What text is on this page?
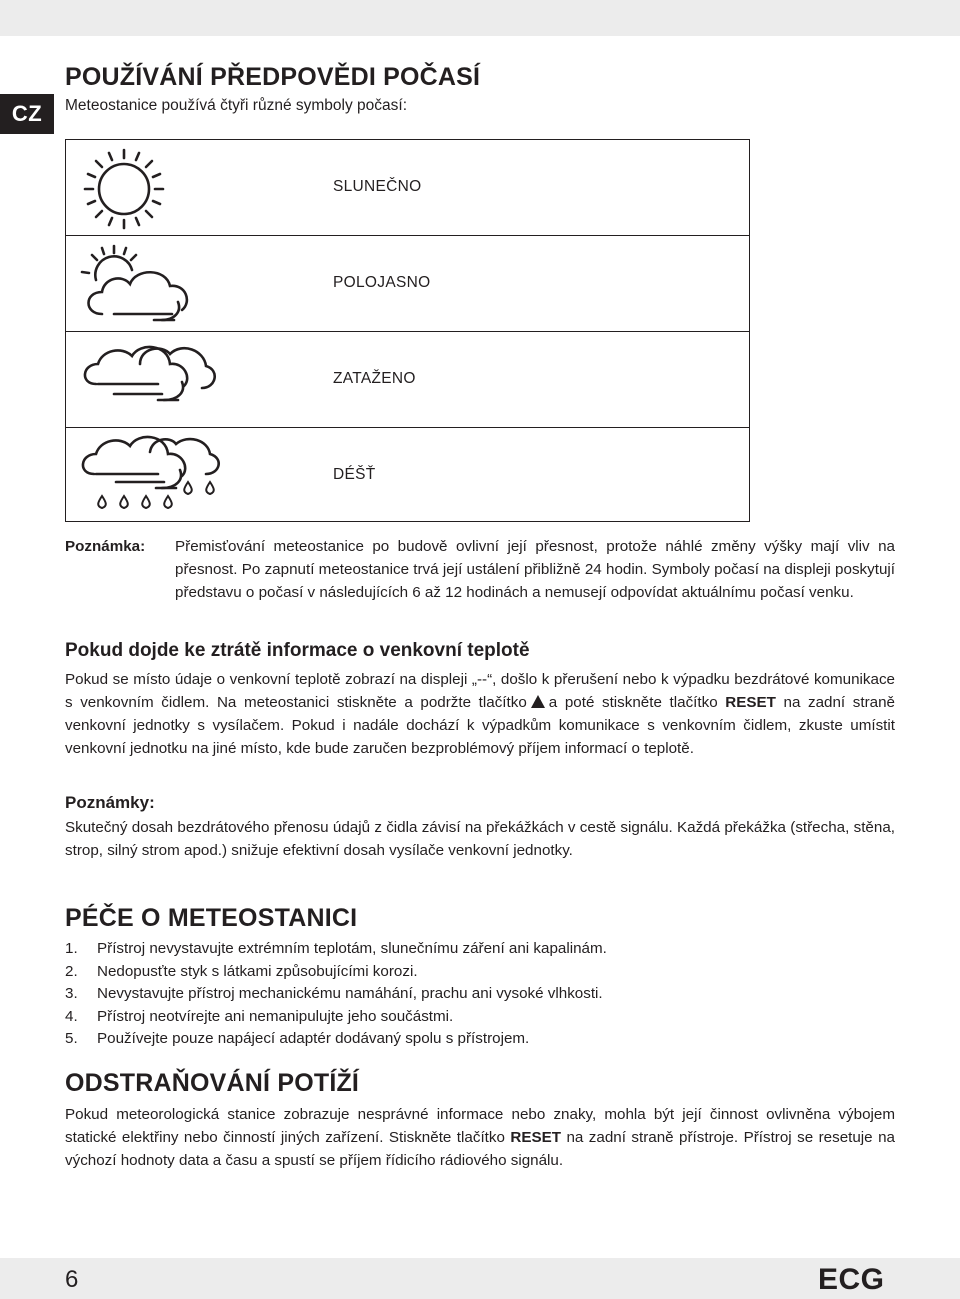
CZ
POUŽÍVÁNÍ PŘEDPOVĚDI POČASÍ
Meteostanice používá čtyři různé symboly počasí:
SLUNEČNO
POLOJASNO
ZATAŽENO
DÉŠŤ
Poznámka: Přemisťování meteostanice po budově ovlivní její přesnost, protože náhlé změny výšky mají vliv na přesnost. Po zapnutí meteostanice trvá její ustálení přibližně 24 hodin. Symboly počasí na displeji poskytují představu o počasí v následujících 6 až 12 hodinách a nemusejí odpovídat aktuálnímu počasí venku.

Pokud dojde ke ztrátě informace o venkovní teplotě

Pokud se místo údaje o venkovní teplotě zobrazí na displeji „--“, došlo k přerušení nebo k výpadku bezdrátové komunikace s venkovním čidlem. Na meteostanici stiskněte a podržte tlačítko a poté stiskněte tlačítko RESET na zadní straně venkovní jednotky s vysílačem. Pokud i nadále dochází k výpadkům komunikace s venkovním čidlem, zkuste umístit venkovní jednotku na jiné místo, kde bude zaručen bezproblémový příjem informací o teplotě.

Poznámky:

Skutečný dosah bezdrátového přenosu údajů z čidla závisí na překážkách v cestě signálu. Každá překážka (střecha, stěna, strop, silný strom apod.) snižuje efektivní dosah vysílače venkovní jednotky.

PÉČE O METEOSTANICI
1.	Přístroj nevystavujte extrémním teplotám, slunečnímu záření ani kapalinám.
2.	Nedopusťte styk s látkami způsobujícími korozi.
3.	Nevystavujte přístroj mechanickému namáhání, prachu ani vysoké vlhkosti.
4.	Přístroj neotvírejte ani nemanipulujte jeho součástmi.
5.	Používejte pouze napájecí adaptér dodávaný spolu s přístrojem.
ODSTRAŇOVÁNÍ POTÍŽÍ

Pokud meteorologická stanice zobrazuje nesprávné informace nebo znaky, mohla být její činnost ovlivněna výbojem statické elektřiny nebo činností jiných zařízení. Stiskněte tlačítko RESET na zadní straně přístroje. Přístroj se resetuje na výchozí hodnoty data a času a spustí se příjem řídicího rádiového signálu.

6	ECG
